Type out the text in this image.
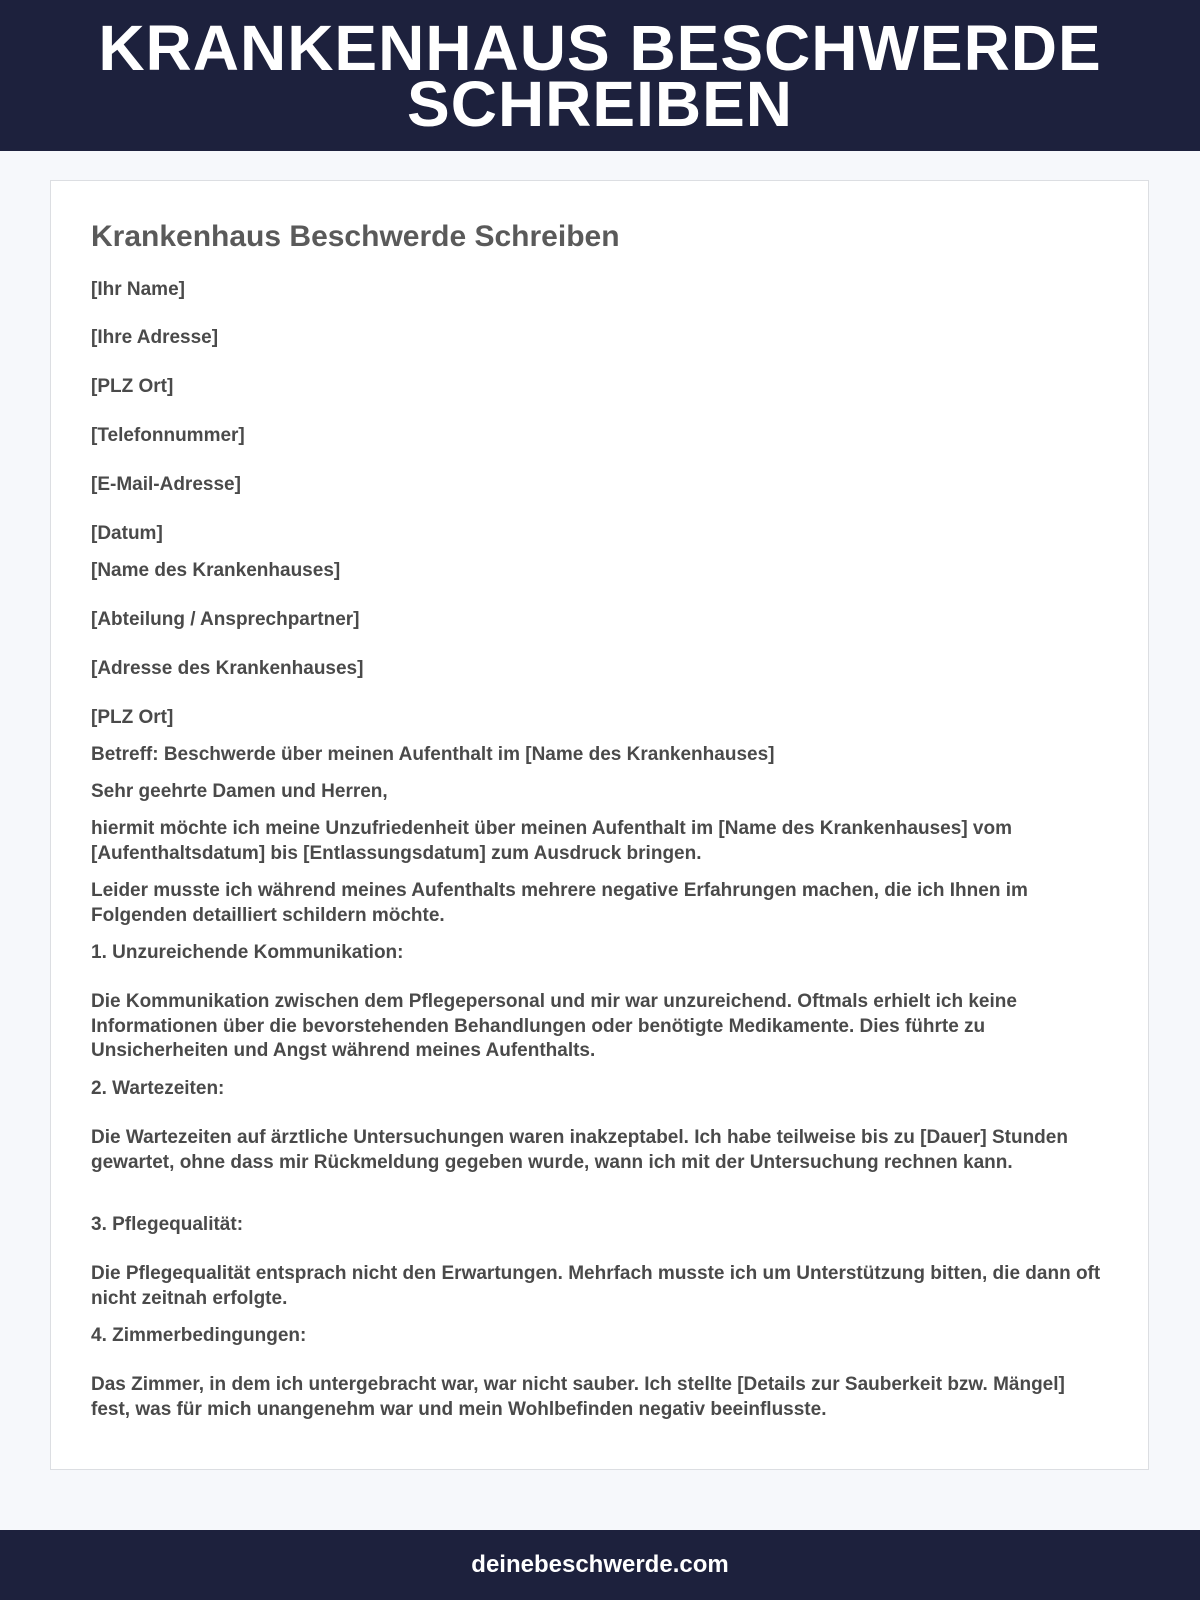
KRANKENHAUS BESCHWERDE SCHREIBEN
Krankenhaus Beschwerde Schreiben
[Ihr Name]
[Ihre Adresse]
[PLZ Ort]
[Telefonnummer]
[E-Mail-Adresse]
[Datum]
[Name des Krankenhauses]
[Abteilung / Ansprechpartner]
[Adresse des Krankenhauses]
[PLZ Ort]
Betreff: Beschwerde über meinen Aufenthalt im [Name des Krankenhauses]
Sehr geehrte Damen und Herren,
hiermit möchte ich meine Unzufriedenheit über meinen Aufenthalt im [Name des Krankenhauses] vom [Aufenthaltsdatum] bis [Entlassungsdatum] zum Ausdruck bringen.
Leider musste ich während meines Aufenthalts mehrere negative Erfahrungen machen, die ich Ihnen im Folgenden detailliert schildern möchte.
1. Unzureichende Kommunikation:
Die Kommunikation zwischen dem Pflegepersonal und mir war unzureichend. Oftmals erhielt ich keine Informationen über die bevorstehenden Behandlungen oder benötigte Medikamente. Dies führte zu Unsicherheiten und Angst während meines Aufenthalts.
2. Wartezeiten:
Die Wartezeiten auf ärztliche Untersuchungen waren inakzeptabel. Ich habe teilweise bis zu [Dauer] Stunden gewartet, ohne dass mir Rückmeldung gegeben wurde, wann ich mit der Untersuchung rechnen kann.
3. Pflegequalität:
Die Pflegequalität entsprach nicht den Erwartungen. Mehrfach musste ich um Unterstützung bitten, die dann oft nicht zeitnah erfolgte.
4. Zimmerbedingungen:
Das Zimmer, in dem ich untergebracht war, war nicht sauber. Ich stellte [Details zur Sauberkeit bzw. Mängel] fest, was für mich unangenehm war und mein Wohlbefinden negativ beeinflusste.
deinebeschwerde.com
